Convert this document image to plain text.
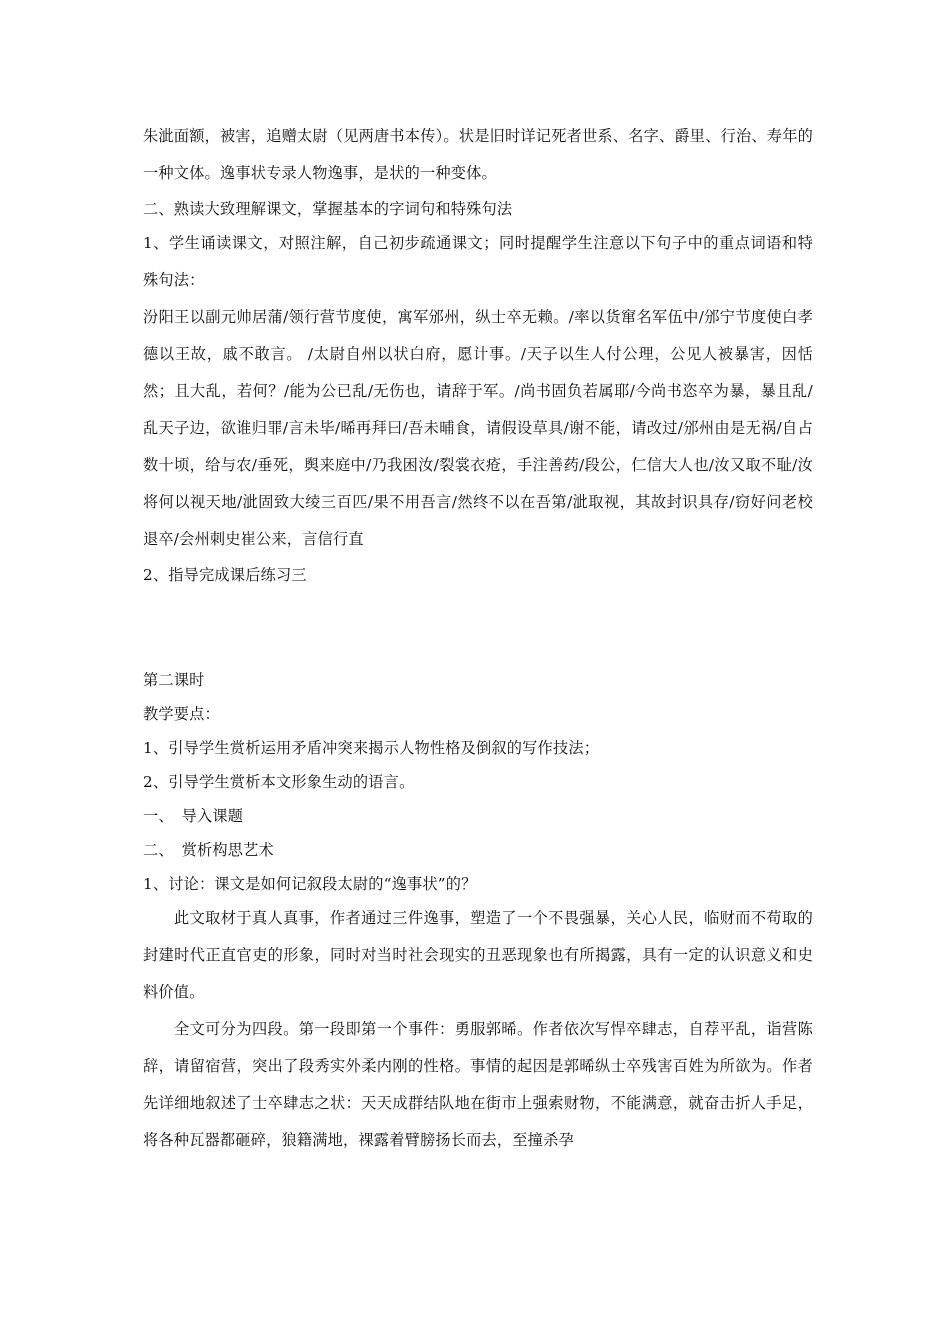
朱泚面额，被害，追赠太尉（见两唐书本传）。状是旧时详记死者世系、名字、爵里、行治、寿年的一种文体。逸事状专录人物逸事，是状的一种变体。

二、熟读大致理解课文，掌握基本的字词句和特殊句法

1、学生诵读课文，对照注解，自己初步疏通课文；同时提醒学生注意以下句子中的重点词语和特殊句法：

汾阳王以副元帅居蒲/领行营节度使，寓军邠州，纵士卒无赖。/率以货窜名军伍中/邠宁节度使白孝德以王故，戚不敢言。 /太尉自州以状白府，愿计事。/天子以生人付公理，公见人被暴害，因恬然；且大乱，若何？/能为公已乱/无伤也，请辞于军。/尚书固负若属耶/今尚书恣卒为暴，暴且乱/乱天子边，欲谁归罪/言未毕/晞再拜曰/吾未晡食，请假设草具/谢不能，请改过/邠州由是无祸/自占数十顷，给与农/垂死，舆来庭中/乃我困汝/裂裳衣疮，手注善药/段公，仁信大人也/汝又取不耻/汝将何以视天地/泚固致大绫三百匹/果不用吾言/然终不以在吾第/泚取视，其故封识具存/窃好问老校退卒/会州刺史崔公来，言信行直

2、指导完成课后练习三

第二课时

教学要点：

1、引导学生赏析运用矛盾冲突来揭示人物性格及倒叙的写作技法；

2、引导学生赏析本文形象生动的语言。

一、　导入课题

二、　赏析构思艺术

1、讨论：课文是如何记叙段太尉的“逸事状”的？

此文取材于真人真事，作者通过三件逸事，塑造了一个不畏强暴，关心人民，临财而不苟取的封建时代正直官吏的形象，同时对当时社会现实的丑恶现象也有所揭露，具有一定的认识意义和史料价值。

全文可分为四段。第一段即第一个事件：勇服郭晞。作者依次写悍卒肆志，自荐平乱，诣营陈辞，请留宿营，突出了段秀实外柔内刚的性格。事情的起因是郭晞纵士卒残害百姓为所欲为。作者先详细地叙述了士卒肆志之状：天天成群结队地在街市上强索财物，不能满意，就奋击折人手足，将各种瓦器都砸碎，狼籍满地，裸露着臂膀扬长而去，至撞杀孕
